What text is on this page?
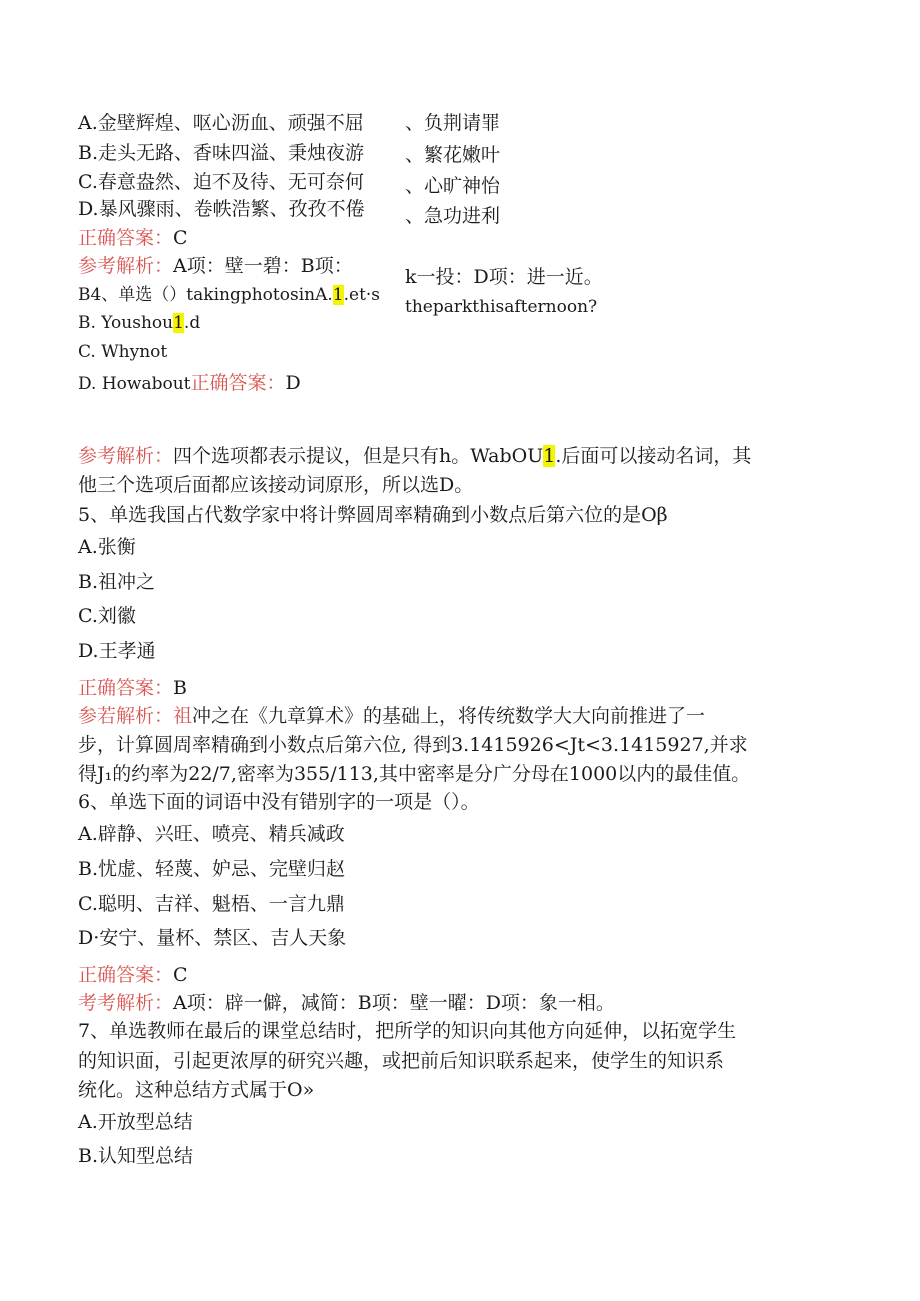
A.金壁辉煌、呕心沥血、顽强不屈
B.走头无路、香味四溢、秉烛夜游
C.春意盎然、迫不及待、无可奈何
D.暴风骤雨、卷帙浩繁、孜孜不倦
、负荆请罪
、繁花嫩叶
、心旷神怡
、急功进利
正确答案：C
参考解析：A项：壁一碧：B项：	k一投：D项：进一近。
B4、单选（）takingphotosinA.1.et·s
theparkthisafternoon?
B. Youshou1.d
C. Whynot
D. Howabout正确答案：D
参考解析：四个选项都表示提议，但是只有h。WabOU1.后面可以接动名词，其
他三个选项后面都应该接动词原形，所以选D。
5、单选我国占代数学家中将计弊圆周率精确到小数点后第六位的是Oβ
A.张衡
B.祖冲之
C.刘徽
D.王孝通
正确答案：B
参若解析：祖冲之在《九章算术》的基础上，将传统数学大大向前推进了一
步，计算圆周率精确到小数点后第六位, 得到3.1415926<Jt<3.1415927,并求
得J₁的约率为22/7,密率为355/113,其中密率是分广分母在1000以内的最佳值。
6、单选下面的词语中没有错别字的一项是（）。
A.辟静、兴旺、喷亮、精兵减政
B.忧虚、轻蔑、妒忌、完壁归赵
C.聪明、吉祥、魁梧、一言九鼎
D·安宁、量杯、禁区、吉人天象
正确答案：C
考考解析：A项：辟一僻，减简：B项：壁一曜：D项：象一相。
7、单选教师在最后的课堂总结时，把所学的知识向其他方向延伸，以拓宽学生
的知识面，引起更浓厚的研究兴趣，或把前后知识联系起来，使学生的知识系
统化。这种总结方式属于O»
A.开放型总结
B.认知型总结
